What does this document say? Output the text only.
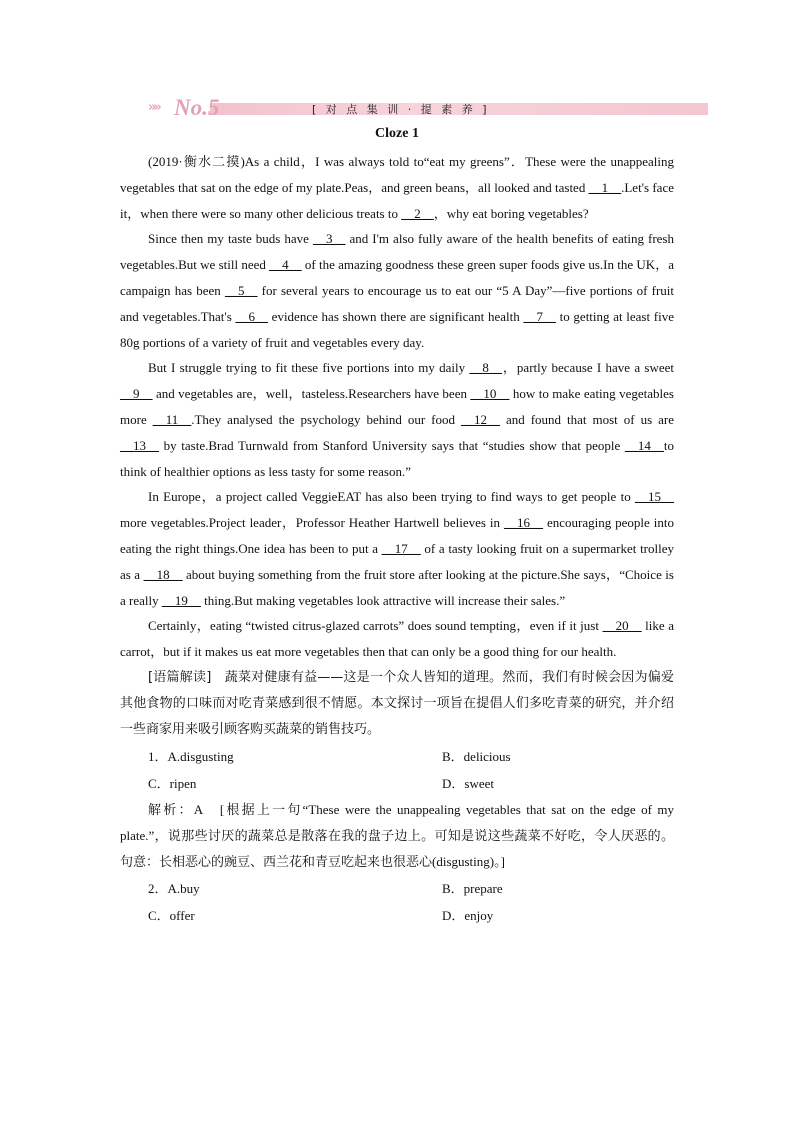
»» No.5	[ 对 点 集 训 · 提 素 养 ]
Cloze 1

(2019·衡水二摸)As a child，I was always told to“eat my greens”．These were the unappealing vegetables that sat on the edge of my plate.Peas，and green beans，all looked and tasted __1__.Let's face it，when there were so many other delicious treats to __2__，why eat boring vegetables?

Since then my taste buds have __3__ and I'm also fully aware of the health benefits of eating fresh vegetables.But we still need __4__ of the amazing goodness these green super foods give us.In the UK，a campaign has been __5__ for several years to encourage us to eat our “5 A Day”—five portions of fruit and vegetables.That's __6__ evidence has shown there are significant health __7__ to getting at least five 80g portions of a variety of fruit and vegetables every day.

But I struggle trying to fit these five portions into my daily __8__，partly because I have a sweet __9__ and vegetables are，well，tasteless.Researchers have been __10__ how to make eating vegetables more __11__.They analysed the psychology behind our food __12__ and found that most of us are __13__ by taste.Brad Turnwald from Stanford University says that “studies show that people __14__to think of healthier options as less tasty for some reason.”

In Europe，a project called VeggieEAT has also been trying to find ways to get people to __15__ more vegetables.Project leader，Professor Heather Hartwell believes in __16__ encouraging people into eating the right things.One idea has been to put a __17__ of a tasty looking fruit on a supermarket trolley as a __18__ about buying something from the fruit store after looking at the picture.She says，“Choice is a really __19__ thing.But making vegetables look attractive will increase their sales.”

Certainly，eating “twisted citrus-glazed carrots” does sound tempting，even if it just __20__ like a carrot，but if it makes us eat more vegetables then that can only be a good thing for our health.

[语篇解读]　蔬菜对健康有益——这是一个众人皆知的道理。然而，我们有时候会因为偏爱其他食物的口味而对吃青菜感到很不情愿。本文探讨一项旨在提倡人们多吃青菜的研究，并介绍一些商家用来吸引顾客购买蔬菜的销售技巧。

1．A.disgusting	B．delicious
C．ripen	D．sweet

解析：A　[根据上一句“These were the unappealing vegetables that sat on the edge of my plate.”，说那些讨厌的蔬菜总是散落在我的盘子边上。可知是说这些蔬菜不好吃，令人厌恶的。句意：长相恶心的豌豆、西兰花和青豆吃起来也很恶心(disgusting)。]

2．A.buy	B．prepare
C．offer	D．enjoy
